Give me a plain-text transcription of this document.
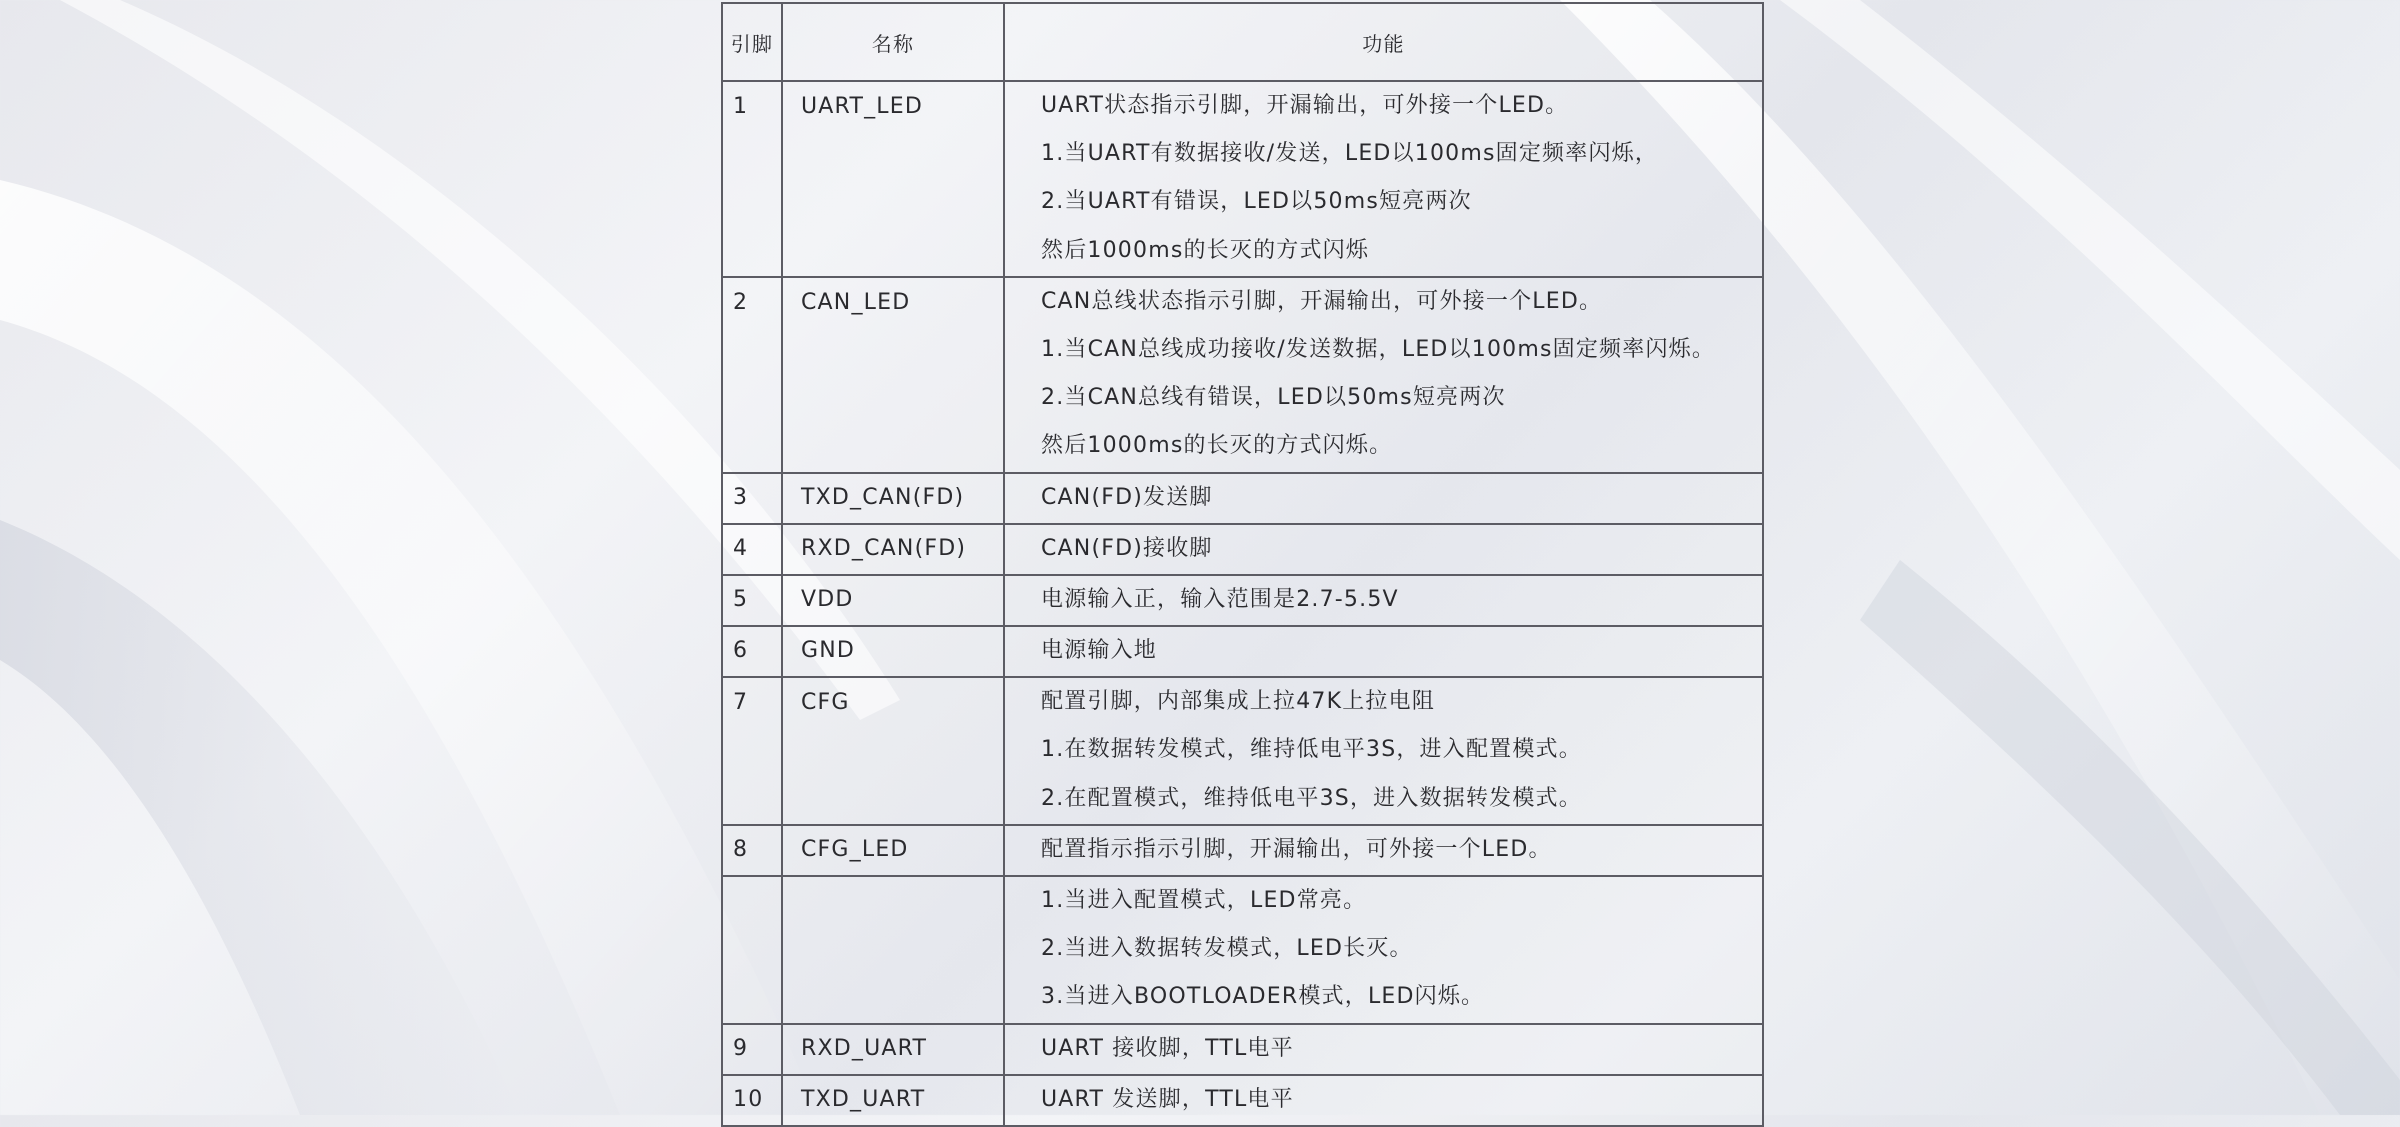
引脚	名称	功能
1	UART_LED	UART状态指示引脚，开漏输出，可外接一个LED。
1.当UART有数据接收/发送，LED以100ms固定频率闪烁，
2.当UART有错误，LED以50ms短亮两次
然后1000ms的长灭的方式闪烁

2	CAN_LED	CAN总线状态指示引脚，开漏输出，可外接一个LED。
1.当CAN总线成功接收/发送数据，LED以100ms固定频率闪烁。
2.当CAN总线有错误，LED以50ms短亮两次
然后1000ms的长灭的方式闪烁。

3	TXD_CAN(FD)	CAN(FD)发送脚

4	RXD_CAN(FD)	CAN(FD)接收脚

5	VDD	电源输入正，输入范围是2.7-5.5V

6	GND	电源输入地

7	CFG	配置引脚，内部集成上拉47K上拉电阻
1.在数据转发模式，维持低电平3S，进入配置模式。
2.在配置模式，维持低电平3S，进入数据转发模式。

8	CFG_LED	配置指示指示引脚，开漏输出，可外接一个LED。

		1.当进入配置模式，LED常亮。
2.当进入数据转发模式，LED长灭。
3.当进入BOOTLOADER模式，LED闪烁。

9	RXD_UART	UART 接收脚，TTL电平

10	TXD_UART	UART 发送脚，TTL电平
